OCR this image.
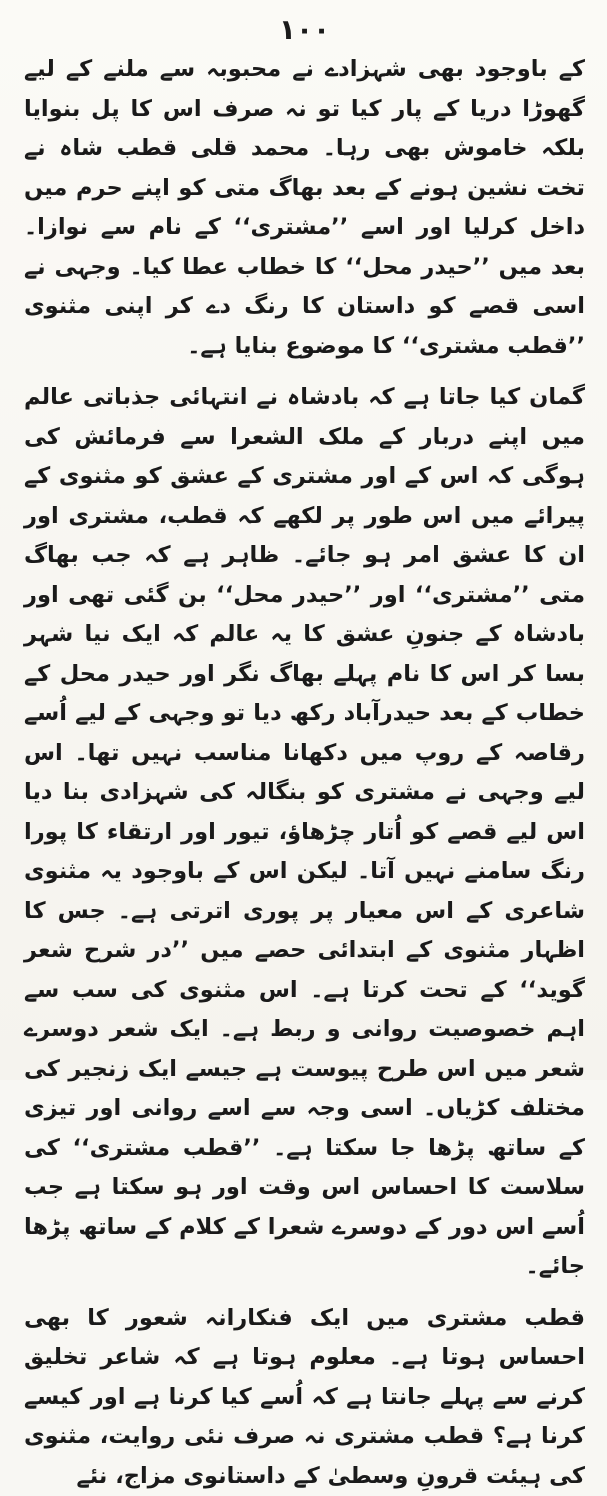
۱۰۰

کے باوجود بھی شہزادے نے محبوبہ سے ملنے کے لیے گھوڑا دریا کے پار کیا تو نہ صرف اس کا پل بنوایا بلکہ خاموش بھی رہا۔ محمد قلی قطب شاہ نے تخت نشین ہونے کے بعد بھاگ متی کو اپنے حرم میں داخل کرلیا اور اسے ’’مشتری‘‘ کے نام سے نوازا۔ بعد میں ’’حیدر محل‘‘ کا خطاب عطا کیا۔ وجہی نے اسی قصے کو داستان کا رنگ دے کر اپنی مثنوی ’’قطب مشتری‘‘ کا موضوع بنایا ہے۔

گمان کیا جاتا ہے کہ بادشاہ نے انتہائی جذباتی عالم میں اپنے دربار کے ملک الشعرا سے فرمائش کی ہوگی کہ اس کے اور مشتری کے عشق کو مثنوی کے پیرائے میں اس طور پر لکھے کہ قطب، مشتری اور ان کا عشق امر ہو جائے۔ ظاہر ہے کہ جب بھاگ متی ’’مشتری‘‘ اور ’’حیدر محل‘‘ بن گئی تھی اور بادشاہ کے جنونِ عشق کا یہ عالم کہ ایک نیا شہر بسا کر اس کا نام پہلے بھاگ نگر اور حیدر محل کے خطاب کے بعد حیدرآباد رکھ دیا تو وجہی کے لیے اُسے رقاصہ کے روپ میں دکھانا مناسب نہیں تھا۔ اس لیے وجہی نے مشتری کو بنگالہ کی شہزادی بنا دیا اس لیے قصے کو اُتار چڑھاؤ، تیور اور ارتقاء کا پورا رنگ سامنے نہیں آتا۔ لیکن اس کے باوجود یہ مثنوی شاعری کے اس معیار پر پوری اترتی ہے۔ جس کا اظہار مثنوی کے ابتدائی حصے میں ’’در شرح شعر گوید‘‘ کے تحت کرتا ہے۔ اس مثنوی کی سب سے اہم خصوصیت روانی و ربط ہے۔ ایک شعر دوسرے شعر میں اس طرح پیوست ہے جیسے ایک زنجیر کی مختلف کڑیاں۔ اسی وجہ سے اسے روانی اور تیزی کے ساتھ پڑھا جا سکتا ہے۔ ’’قطب مشتری‘‘ کی سلاست کا احساس اس وقت اور ہو سکتا ہے جب اُسے اس دور کے دوسرے شعرا کے کلام کے ساتھ پڑھا جائے۔

قطب مشتری میں ایک فنکارانہ شعور کا بھی احساس ہوتا ہے۔ معلوم ہوتا ہے کہ شاعر تخلیق کرنے سے پہلے جانتا ہے کہ اُسے کیا کرنا ہے اور کیسے کرنا ہے؟ قطب مشتری نہ صرف نئی روایت، مثنوی کی ہیئت قرونِ وسطیٰ کے داستانوی مزاج، نئے
